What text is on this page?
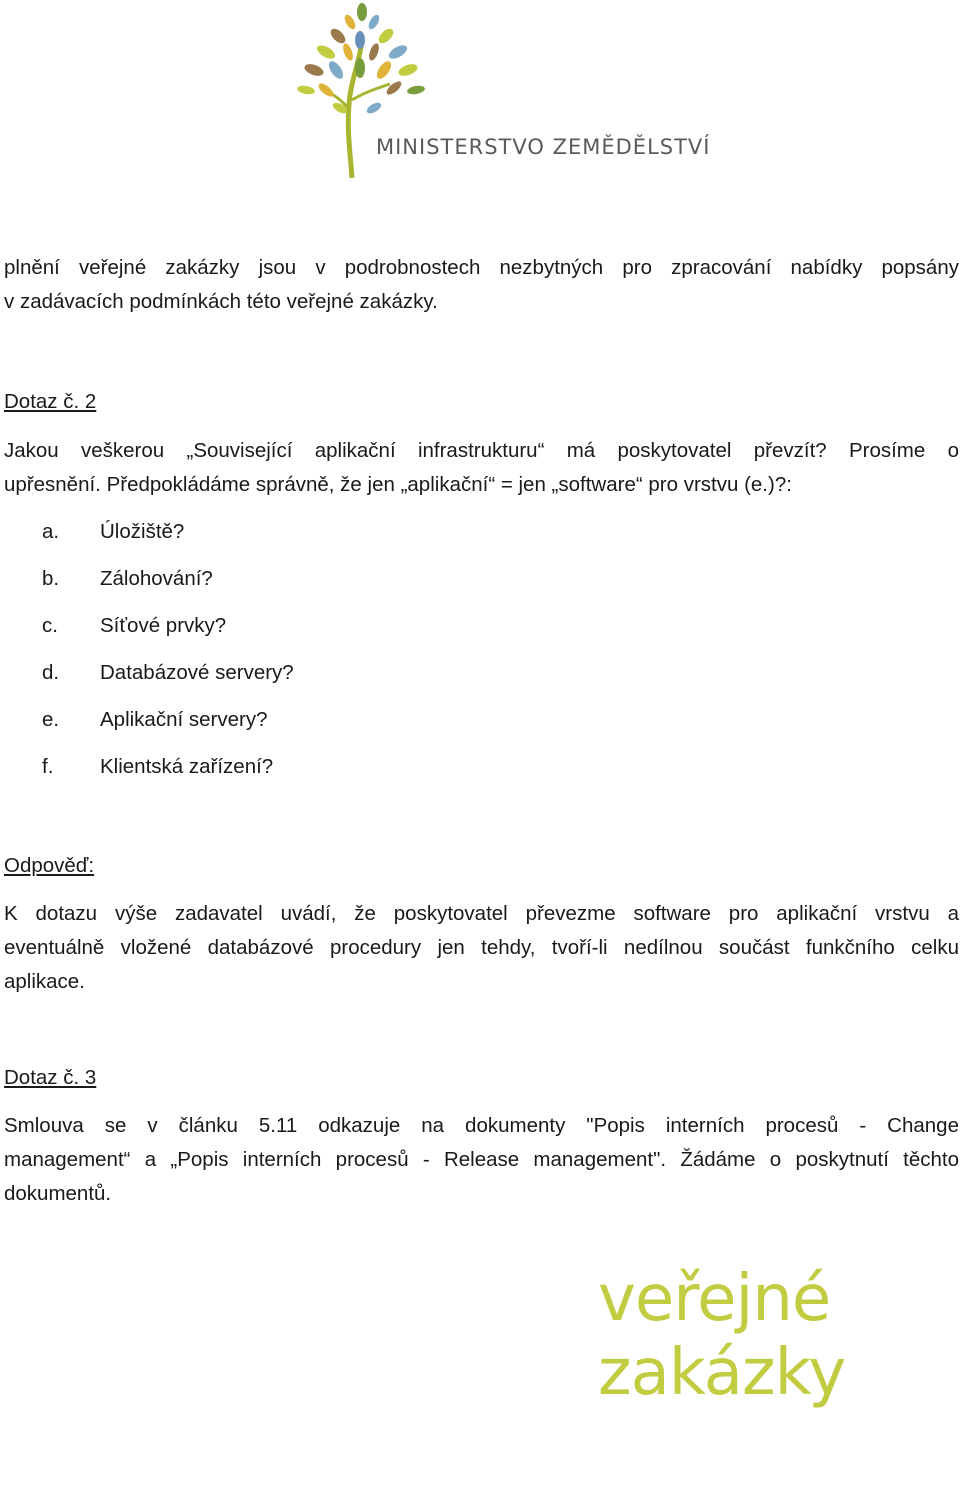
MINISTERSTVO ZEMĚDĚLSTVÍ
plnění veřejné zakázky jsou v podrobnostech nezbytných pro zpracování nabídky popsány
v zadávacích podmínkách této veřejné zakázky.
Dotaz č. 2
Jakou veškerou „Související aplikační infrastrukturu“ má poskytovatel převzít? Prosíme o
upřesnění. Předpokládáme správně, že jen „aplikační“ = jen „software“ pro vrstvu (e.)?:
a.	Úložiště?
b.	Zálohování?
c.	Síťové prvky?
d.	Databázové servery?
e.	Aplikační servery?
f.	Klientská zařízení?
Odpověď:
K dotazu výše zadavatel uvádí, že poskytovatel převezme software pro aplikační vrstvu a
eventuálně vložené databázové procedury jen tehdy, tvoří-li nedílnou součást funkčního celku
aplikace.
Dotaz č. 3
Smlouva se v článku 5.11 odkazuje na dokumenty "Popis interních procesů - Change
management“ a „Popis interních procesů - Release management". Žádáme o poskytnutí těchto
dokumentů.
veřejné
zakázky
